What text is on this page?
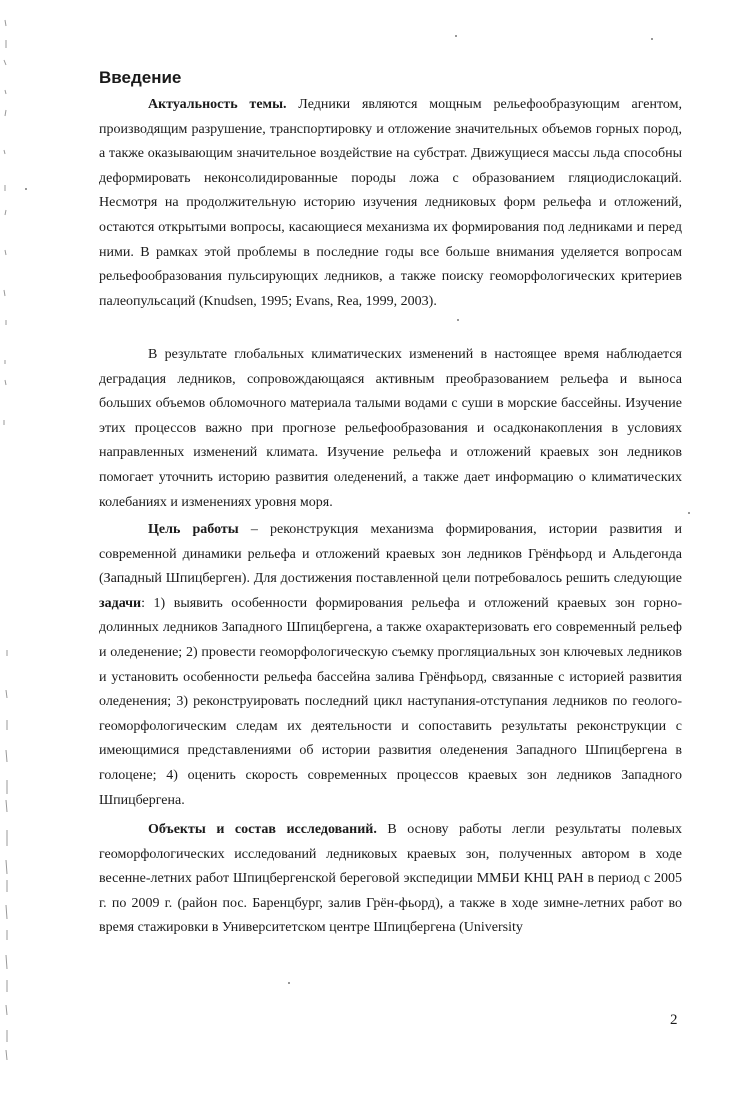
Введение

Актуальность темы. Ледники являются мощным рельефообразующим агентом, производящим разрушение, транспортировку и отложение значительных объемов горных пород, а также оказывающим значительное воздействие на субстрат. Движущиеся массы льда способны деформировать неконсолидированные породы ложа с образованием гляциодислокаций. Несмотря на продолжительную историю изучения ледниковых форм рельефа и отложений, остаются открытыми вопросы, касающиеся механизма их формирования под ледниками и перед ними. В рамках этой проблемы в последние годы все больше внимания уделяется вопросам рельефообразования пульсирующих ледников, а также поиску геоморфологических критериев палеопульсаций (Knudsen, 1995; Evans, Rea, 1999, 2003).

В результате глобальных климатических изменений в настоящее время наблюдается деградация ледников, сопровождающаяся активным преобразованием рельефа и выноса больших объемов обломочного материала талыми водами с суши в морские бассейны. Изучение этих процессов важно при прогнозе рельефообразования и осадконакопления в условиях направленных изменений климата. Изучение рельефа и отложений краевых зон ледников помогает уточнить историю развития оледенений, а также дает информацию о климатических колебаниях и изменениях уровня моря.

Цель работы – реконструкция механизма формирования, истории развития и современной динамики рельефа и отложений краевых зон ледников Грёнфьорд и Альдегонда (Западный Шпицберген). Для достижения поставленной цели потребовалось решить следующие задачи: 1) выявить особенности формирования рельефа и отложений краевых зон горно-долинных ледников Западного Шпицбергена, а также охарактеризовать его современный рельеф и оледенение; 2) провести геоморфологическую съемку прогляциальных зон ключевых ледников и установить особенности рельефа бассейна залива Грёнфьорд, связанные с историей развития оледенения; 3) реконструировать последний цикл наступания-отступания ледников по геолого-геоморфологическим следам их деятельности и сопоставить результаты реконструкции с имеющимися представлениями об истории развития оледенения Западного Шпицбергена в голоцене; 4) оценить скорость современных процессов краевых зон ледников Западного Шпицбергена.

Объекты и состав исследований. В основу работы легли результаты полевых геоморфологических исследований ледниковых краевых зон, полученных автором в ходе весенне-летних работ Шпицбергенской береговой экспедиции ММБИ КНЦ РАН в период с 2005 г. по 2009 г. (район пос. Баренцбург, залив Грён-фьорд), а также в ходе зимне-летних работ во время стажировки в Университетском центре Шпицбергена (University

2
